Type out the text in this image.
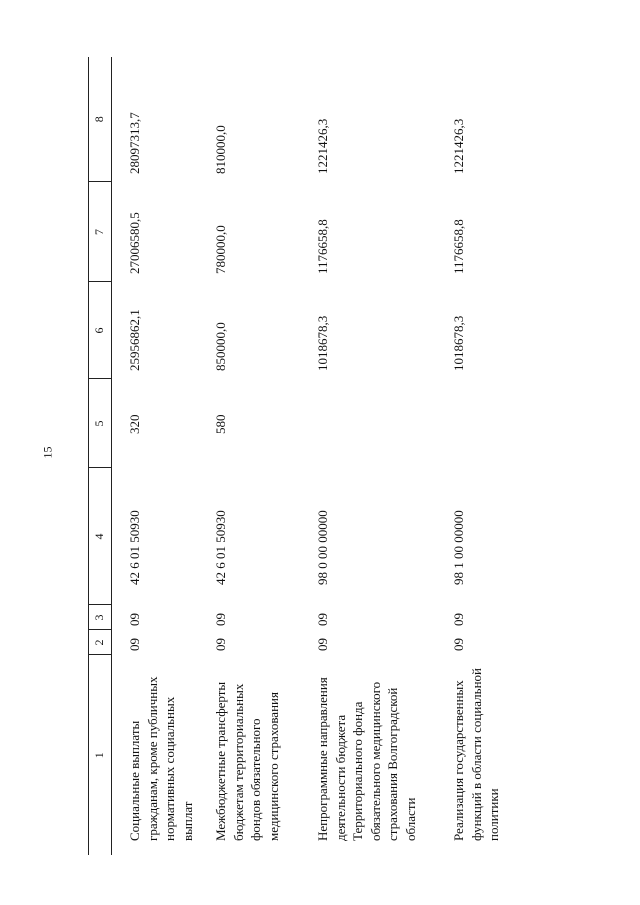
15
1	2	3	4	5	6	7	8
Социальные выплаты гражданам, кроме публичных нормативных социальных выплат	09	09	42 6 01 50930	320	25956862,1	27006580,5	28097313,7
Межбюджетные трансферты бюджетам территориальных фондов обязательного медицинского страхования	09	09	42 6 01 50930	580	850000,0	780000,0	810000,0
Непрограммные направления деятельности бюджета Территориального фонда обязательного медицинского страхования Волгоградской области	09	09	98 0 00 00000		1018678,3	1176658,8	1221426,3
Реализация государственных функций в области социальной политики	09	09	98 1 00 00000		1018678,3	1176658,8	1221426,3
